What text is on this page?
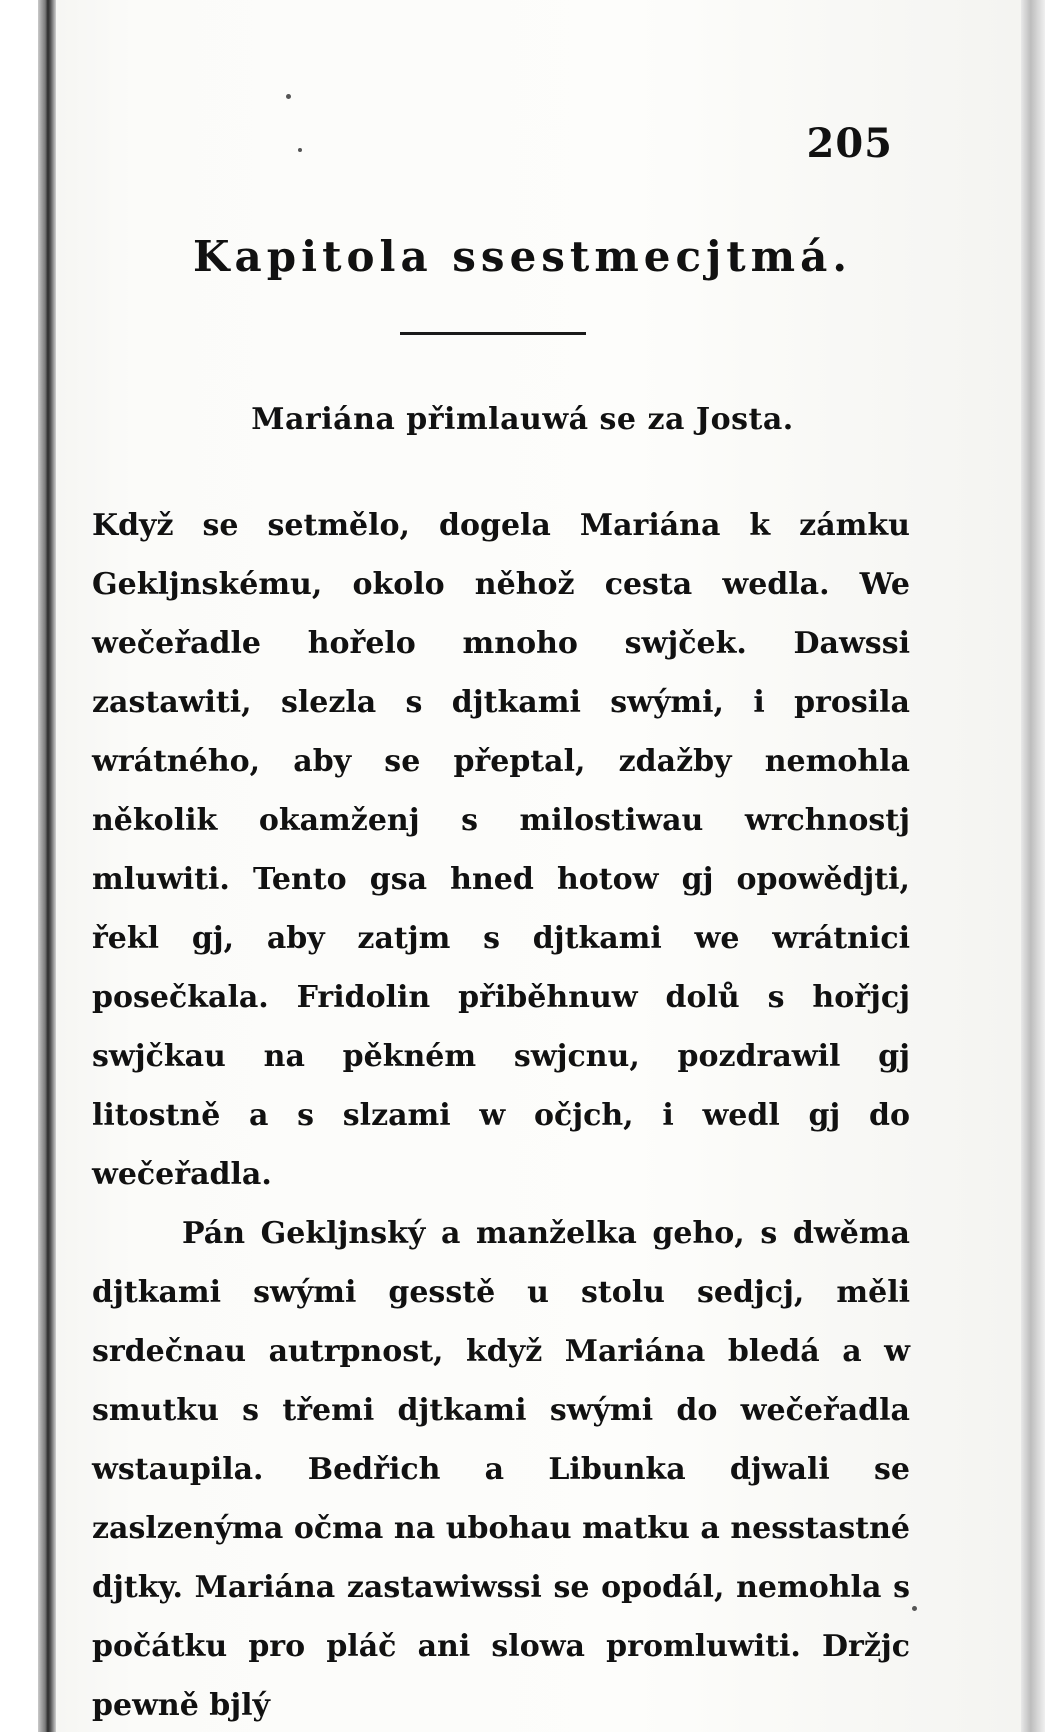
205
Kapitola ssestmecjtmá.
Mariána přimlauwá se za Josta.

Když se setmělo, dogela Mariána k zámku Gekljnskému, okolo něhož cesta wedla. We wečeřadle hořelo mnoho swjček. Dawssi zastawiti, slezla s djtkami swými, i prosila wrátného, aby se přeptal, zdažby nemohla několik okamženj s milostiwau wrchnostj mluwiti. Tento gsa hned hotow gj opowědjti, řekl gj, aby zatjm s djtkami we wrátnici posečkala. Fridolin přiběhnuw dolů s hořjcj swjčkau na pěkném swjcnu, pozdrawil gj litostně a s slzami w očjch, i wedl gj do wečeřadla.

Pán Gekljnský a manželka geho, s dwěma djtkami swými gesstě u stolu sedjcj, měli srdečnau autrpnost, když Mariána bledá a w smutku s třemi djtkami swými do wečeřadla wstaupila. Bedřich a Libunka djwali se zaslzenýma očma na ubohau matku a nesstastné djtky. Mariána zastawiwssi se opodál, nemohla s počátku pro pláč ani slowa promluwiti. Držjc pewně bjlý
